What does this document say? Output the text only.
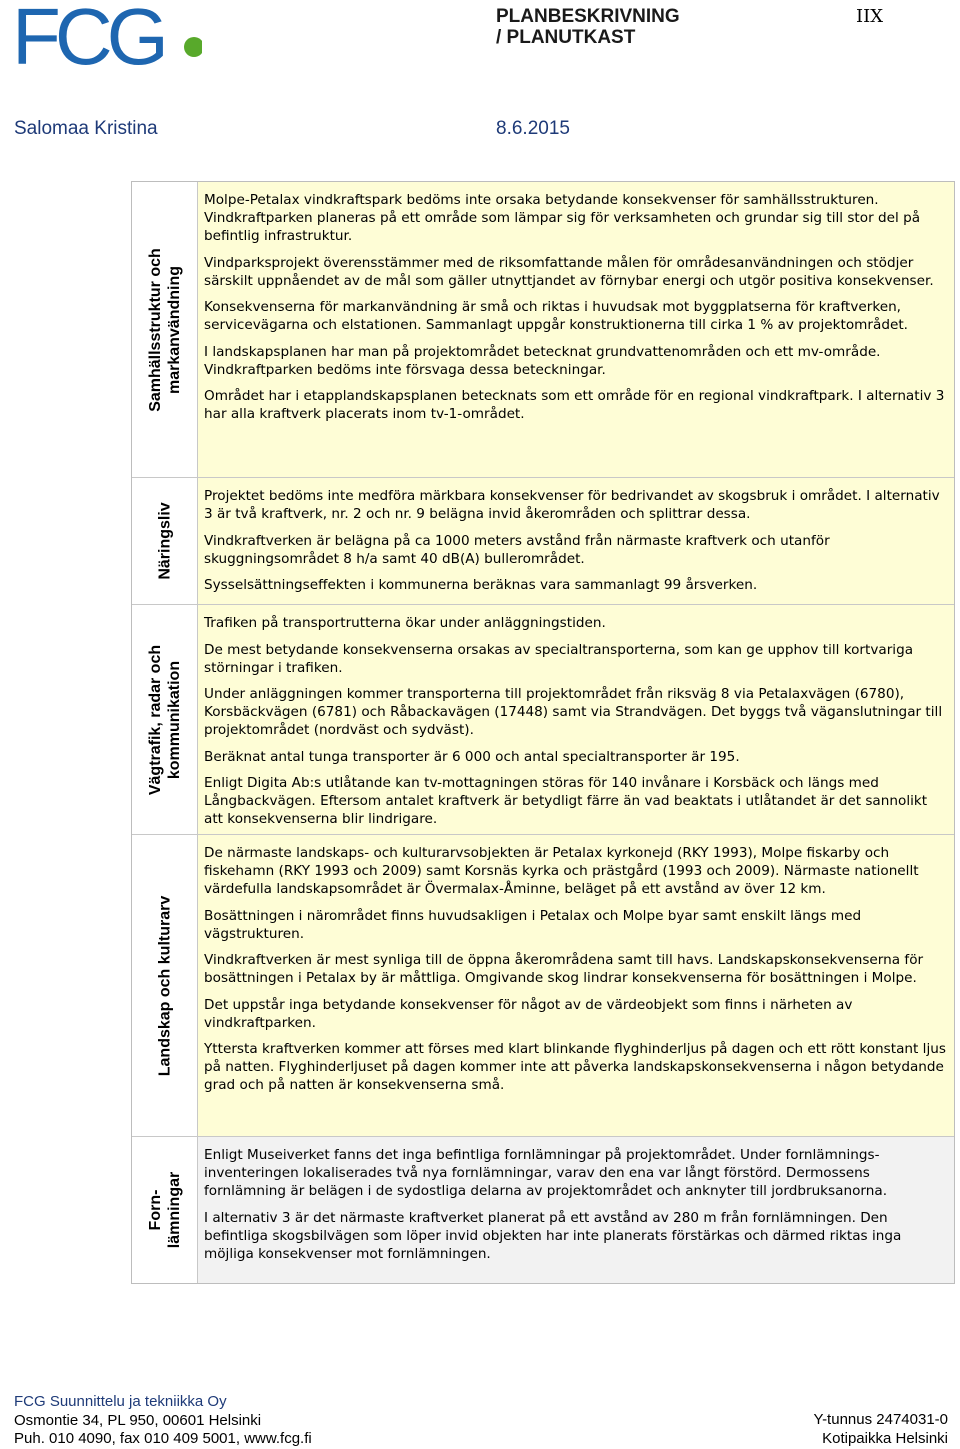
FCG	PLANBESKRIVNING
/ PLANUTKAST
IIX
Salomaa Kristina	8.6.2015
Samhällsstruktur och markanvändning

Molpe-Petalax vindkraftspark bedöms inte orsaka betydande konsekvenser för samhällsstrukturen. Vindkraftparken planeras på ett område som lämpar sig för verksamheten och grundar sig till stor del på befintlig infrastruktur.

Vindparksprojekt överensstämmer med de riksomfattande målen för områdesanvändningen och stödjer särskilt uppnåendet av de mål som gäller utnyttjandet av förnybar energi och utgör positiva konsekvenser.

Konsekvenserna för markanvändning är små och riktas i huvudsak mot byggplatserna för kraftverken, servicevägarna och elstationen. Sammanlagt uppgår konstruktionerna till cirka 1 % av projektområdet.

I landskapsplanen har man på projektområdet betecknat grundvattenområden och ett mv-område. Vindkraftparken bedöms inte försvaga dessa beteckningar.

Området har i etapplandskapsplanen betecknats som ett område för en regional vindkraftpark. I alternativ 3 har alla kraftverk placerats inom tv-1-området.

Näringsliv

Projektet bedöms inte medföra märkbara konsekvenser för bedrivandet av skogsbruk i området. I alternativ 3 är två kraftverk, nr. 2 och nr. 9 belägna invid åkerområden och splittrar dessa.

Vindkraftverken är belägna på ca 1000 meters avstånd från närmaste kraftverk och utanför skuggningsområdet 8 h/a samt 40 dB(A) bullerområdet.

Sysselsättningseffekten i kommunerna beräknas vara sammanlagt 99 årsverken.

Vägtrafik, radar och kommunikation

Trafiken på transportrutterna ökar under anläggningstiden.

De mest betydande konsekvenserna orsakas av specialtransporterna, som kan ge upphov till kortvariga störningar i trafiken.

Under anläggningen kommer transporterna till projektområdet från riksväg 8 via Petalaxvägen (6780), Korsbäckvägen (6781) och Råbackavägen (17448) samt via Strandvägen. Det byggs två väganslutningar till projektområdet (nordväst och sydväst).

Beräknat antal tunga transporter är 6 000 och antal specialtransporter är 195.

Enligt Digita Ab:s utlåtande kan tv-mottagningen störas för 140 invånare i Korsbäck och längs med Långbackvägen. Eftersom antalet kraftverk är betydligt färre än vad beaktats i utlåtandet är det sannolikt att konsekvenserna blir lindrigare.

Landskap och kulturarv

De närmaste landskaps- och kulturarvsobjekten är Petalax kyrkonejd (RKY 1993), Molpe fiskarby och fiskehamn (RKY 1993 och 2009) samt Korsnäs kyrka och prästgård (1993 och 2009). Närmaste nationellt värdefulla landskapsområdet är Övermalax-Åminne, beläget på ett avstånd av över 12 km.

Bosättningen i närområdet finns huvudsakligen i Petalax och Molpe byar samt enskilt längs med vägstrukturen.

Vindkraftverken är mest synliga till de öppna åkerområdena samt till havs. Landskapskonsekvenserna för bosättningen i Petalax by är måttliga. Omgivande skog lindrar konsekvenserna för bosättningen i Molpe.

Det uppstår inga betydande konsekvenser för något av de värdeobjekt som finns i närheten av vindkraftparken.

Yttersta kraftverken kommer att förses med klart blinkande flyghinderljus på dagen och ett rött konstant ljus på natten. Flyghinderljuset på dagen kommer inte att påverka landskapskonsekvenserna i någon betydande grad och på natten är konsekvenserna små.

Forn- lämningar

Enligt Museiverket fanns det inga befintliga fornlämningar på projektområdet. Under fornlämnings-inventeringen lokaliserades två nya fornlämningar, varav den ena var långt förstörd. Dermossens fornlämning är belägen i de sydostliga delarna av projektområdet och anknyter till jordbruksanorna.

I alternativ 3 är det närmaste kraftverket planerat på ett avstånd av 280 m från fornlämningen. Den befintliga skogsbilvägen som löper invid objekten har inte planerats förstärkas och därmed riktas inga möjliga konsekvenser mot fornlämningen.

FCG Suunnittelu ja tekniikka Oy
Osmontie 34, PL 950, 00601 Helsinki
Puh. 010 4090, fax 010 409 5001, www.fcg.fi
Y-tunnus 2474031-0
Kotipaikka Helsinki
